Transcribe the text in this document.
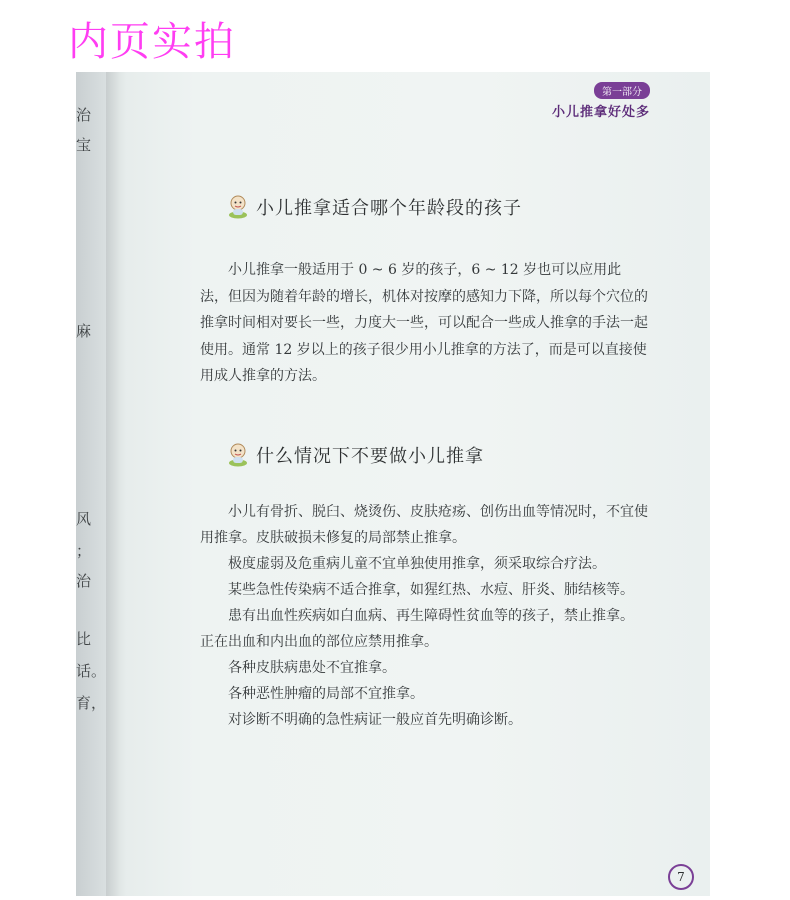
内页实拍
治
宝
麻
风
；
治
比
话。
育，
第一部分
小儿推拿好处多
小儿推拿适合哪个年龄段的孩子

小儿推拿一般适用于 0 ~ 6 岁的孩子，6 ~ 12 岁也可以应用此法，但因为随着年龄的增长，机体对按摩的感知力下降，所以每个穴位的推拿时间相对要长一些，力度大一些，可以配合一些成人推拿的手法一起使用。通常 12 岁以上的孩子很少用小儿推拿的方法了，而是可以直接使用成人推拿的方法。

什么情况下不要做小儿推拿

小儿有骨折、脱臼、烧烫伤、皮肤疮疡、创伤出血等情况时，不宜使用推拿。皮肤破损未修复的局部禁止推拿。

极度虚弱及危重病儿童不宜单独使用推拿，须采取综合疗法。

某些急性传染病不适合推拿，如猩红热、水痘、肝炎、肺结核等。

患有出血性疾病如白血病、再生障碍性贫血等的孩子，禁止推拿。

正在出血和内出血的部位应禁用推拿。

各种皮肤病患处不宜推拿。

各种恶性肿瘤的局部不宜推拿。

对诊断不明确的急性病证一般应首先明确诊断。

7
